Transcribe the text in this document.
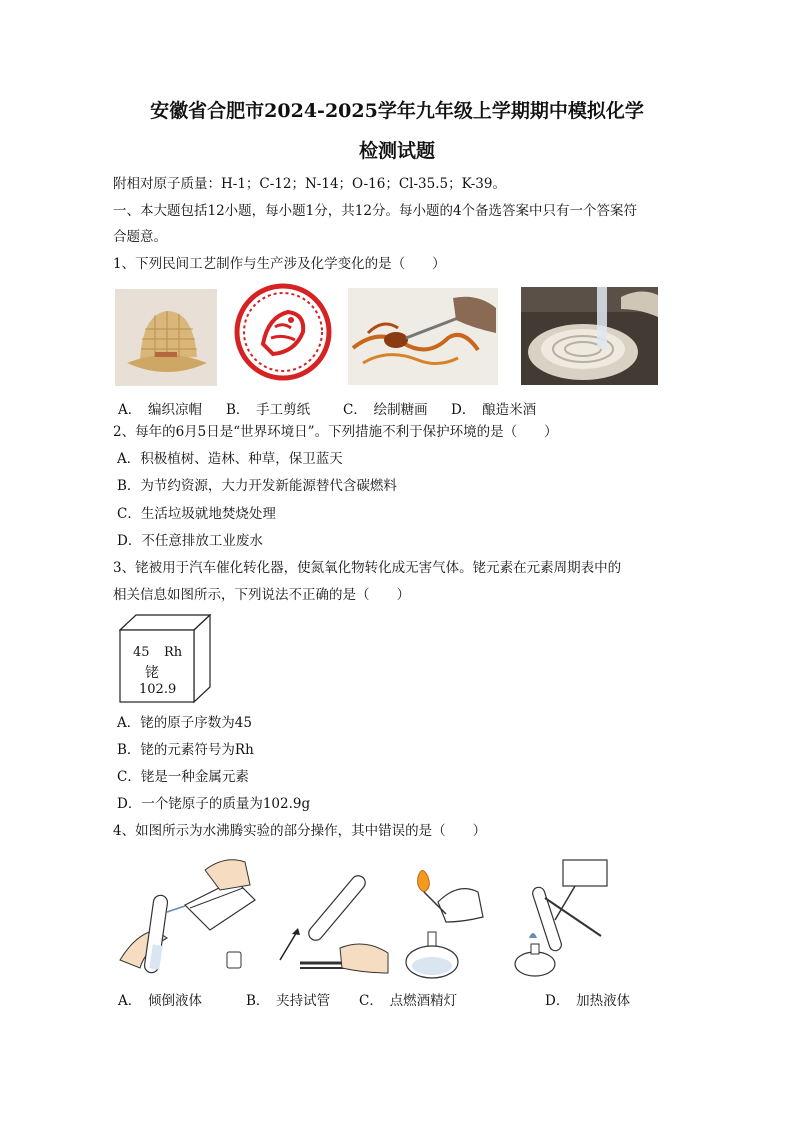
安徽省合肥市2024-2025学年九年级上学期期中模拟化学
检测试题
附相对原子质量：H-1；C-12；N-14；O-16；Cl-35.5；K-39。
一、本大题包括12小题，每小题1分，共12分。每小题的4个备选答案中只有一个答案符
合题意。
1、下列民间工艺制作与生产涉及化学变化的是（　　）
A．　编织凉帽 B．　手工剪纸 C．　绘制糖画 D．　酿造米酒
2、每年的6月5日是“世界环境日”。下列措施不利于保护环境的是（　　）
A．积极植树、造林、种草，保卫蓝天
B．为节约资源，大力开发新能源替代含碳燃料
C．生活垃圾就地焚烧处理
D．不任意排放工业废水
3、铑被用于汽车催化转化器，使氮氧化物转化成无害气体。铑元素在元素周期表中的
相关信息如图所示，下列说法不正确的是（　　）
45 Rh
铑
102.9
A．铑的原子序数为45
B．铑的元素符号为Rh
C．铑是一种金属元素
D．一个铑原子的质量为102.9g
4、如图所示为水沸腾实验的部分操作，其中错误的是（　　）
A．　倾倒液体	B．　夹持试管 C．　点燃酒精灯	D．　加热液体
